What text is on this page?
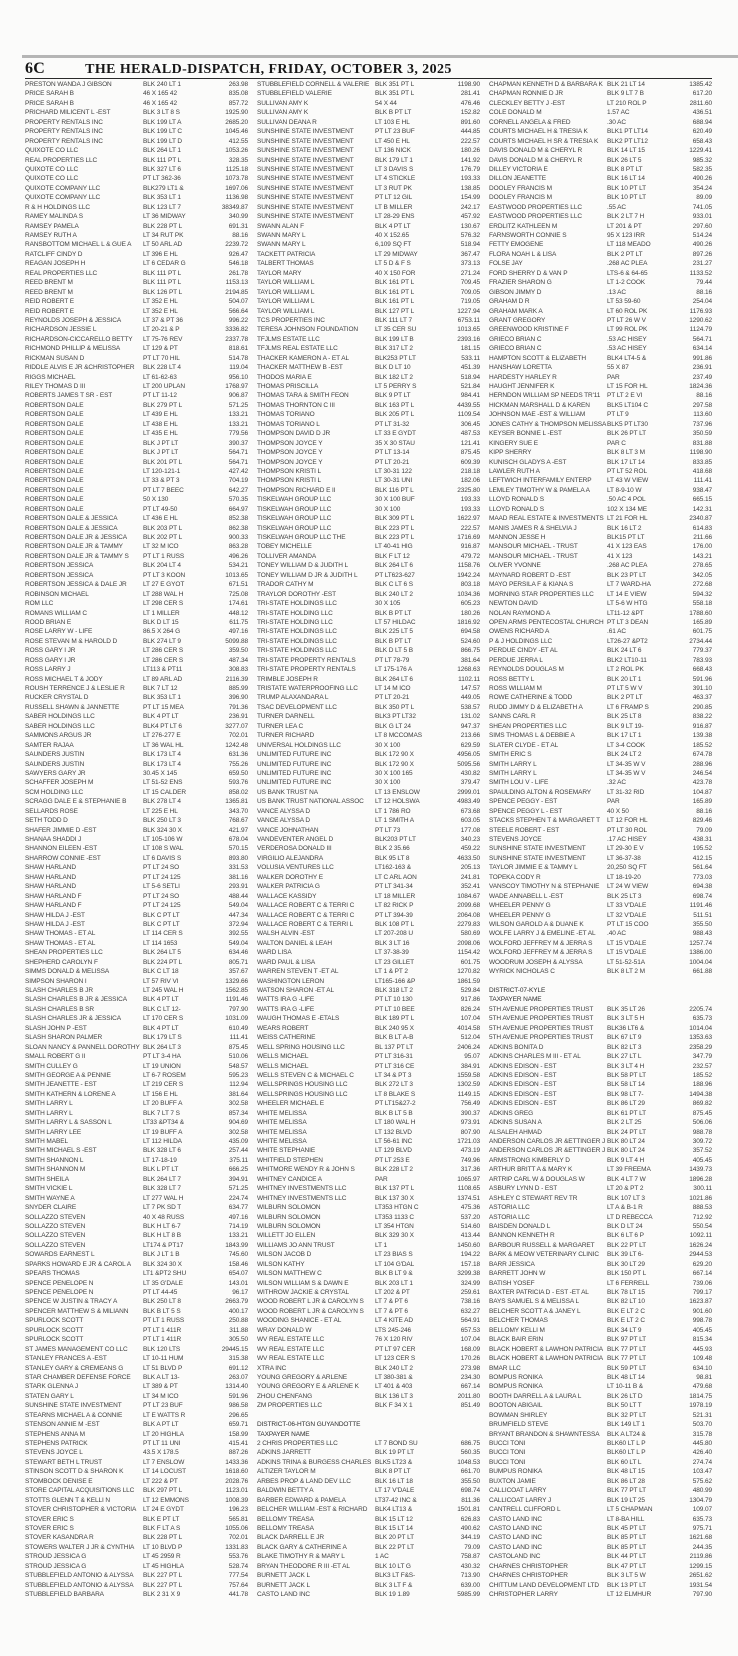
6C	THE HERALD-DISPATCH, FRIDAY, OCTOBER 3, 2025
PRESTON WANDA J GIBSON	BLK 240 LT 1	263.98
PRICE SARAH B	46 X 165 42	835.08
PRICE SARAH B	46 X 165 42	857.72
PRICHARD MILICENT L -EST	BLK 3 LT 8 S	1925.90
PROPERTY RENTALS INC	BLK 199 LT A	2685.20
PROPERTY RENTALS INC	BLK 199 LT C	1045.46
PROPERTY RENTALS INC	BLK 199 LT D	412.55
QUIXOTE CO LLC	BLK 264 LT 1	1053.26
REAL PROPERTIES LLC	BLK 111 PT L	328.35
QUIXOTE CO LLC	BLK 327 LT 6	1125.18
QUIXOTE CO LLC	PT LT 362-36	1073.78
QUIXOTE COMPANY LLC	BLK279 LT1 &	1697.06
QUIXOTE COMPANY LLC	BLK 353 LT 1	1136.98
R & H HOLDINGS LLC	BLK 123 LT 7	38349.87
RAMEY MALINDA S	LT 36 MIDWAY	340.99
RAMSEY PAMELA	BLK 228 PT L	691.31
RAMSEY RUTH A	LT 34 RUT PK	88.16
RANSBOTTOM MICHAEL L & GUE A	LT 50 ARL AD	2239.72
RATCLIFF CINDY D	LT 396 E HL	926.47
REAGAN JOSEPH H	LT 6 CEDAR G	546.18
REAL PROPERTIES LLC	BLK 111 PT L	261.78
REED BRENT M	BLK 111 PT L	1153.13
REED BRENT M	BLK 126 PT L	2194.85
REID ROBERT E	LT 352 E HL	504.07
REID ROBERT E	LT 352 E HL	566.64
REYNOLDS JOSEPH & JESSICA	LT 37 & PT 36	996.22
RICHARDSON JESSIE L	LT 20-21 & P	3336.82
RICHARDSON-CICCARELLO BETTY	LT 75-76 REV	2337.78
RICHMOND PHILLIP & MELISSA	LT 129 & PT	818.61
RICKMAN SUSAN D	PT LT 70 HIL	514.78
RIDDLE ALVIS E JR &CHRISTOPHER	BLK 228 LT 4	119.04
RIGGS MICHAEL	LT 61-62-63	956.10
RILEY THOMAS D III	LT 200 UPLAN	1768.97
ROBERTS JAMES T SR - EST	PT LT 11-12	906.87
ROBERTSON DALE	BLK 279 PT L	571.25
ROBERTSON DALE	LT 439 E HL	133.21
ROBERTSON DALE	LT 438 E HL	133.21
ROBERTSON DALE	LT 435 E HL	779.56
ROBERTSON DALE	BLK J PT LT	390.37
ROBERTSON DALE	BLK J PT LT	564.71
ROBERTSON DALE	BLK 201 PT L	564.71
ROBERTSON DALE	LT 120-121-1	427.42
ROBERTSON DALE	LT 33 & PT 3	704.19
ROBERTSON DALE	PT LT 7 BEEC	642.27
ROBERTSON DALE	50 X 130	570.35
ROBERTSON DALE	PT LT 49-50	664.97
ROBERTSON DALE & JESSICA	LT 436 E HL	852.38
ROBERTSON DALE & JESSICA	BLK 203 PT L	862.38
ROBERTSON DALE JR & JESSICA	BLK 202 PT L	900.33
ROBERTSON DALE JR & TAMMY	LT 32 M ICO	863.28
ROBERTSON DALE JR & TAMMY S	PT LT 1 RUSS	496.26
ROBERTSON JESSICA	BLK 204 LT 4	534.21
ROBERTSON JESSICA	PT LT 3 KOON	1013.65
ROBERTSON JESSICA & DALE JR	LT 27 E GYOT	671.51
ROBINSON MICHAEL	LT 288 WAL H	725.08
ROM LLC	LT 298 CER S	174.61
ROMANS WILLIAM C	LT 1 MILLER	448.12
ROOD BRIAN E	BLK D LT 15	611.75
ROSE LARRY W - LIFE	86.5 X 264 G	497.16
ROSE STEVAN M & HAROLD D	BLK 274 LT 9	5099.88
ROSS GARY I JR	LT 286 CER S	359.50
ROSS GARY I JR	LT 286 CER S	487.34
ROSS LARRY J	LT113 & PT11	308.83
ROSS MICHAEL T & JODY	LT 89 ARL AD	2116.39
ROUSH TERRENCE J & LESLIE R	BLK 7 LT 12	885.99
RUCKER CRYSTAL D	BLK 353 LT 1	396.90
RUSSELL SHAWN & JANNETTE	PT LT 15 MEA	791.36
SABER HOLDINGS LLC	BLK 4 PT LT	236.91
SABER HOLDINGS LLC	BLK4 PT LT 6	3277.07
SAMMONS ARGUS JR	LT 276-277 E	702.01
SAMTER RAJAA	LT 36 WAL HL	1242.48
SAUNDERS JUSTIN	BLK 173 LT 4	631.36
SAUNDERS JUSTIN	BLK 173 LT 4	755.26
SAWYERS GARY JR	30.45 X 145	659.50
SCHAFFER JOSEPH M	LT 51-52 ENS	593.76
SCM HOLDING LLC	LT 15 CALDER	858.02
SCRAGG DALE E & STEPHANIE B	BLK 278 LT 4	1365.81
SELLARDS ROSE	LT 225 E HL	343.70
SETH TODD D	BLK 250 LT 3	768.67
SHAFER JIMMIE D -EST	BLK 324 30 X	421.97
SHANAA SHADDI J	LT 105-106 W	678.04
SHANNON EILEEN -EST	LT 108 S WAL	570.15
SHARROW CONNIE -EST	LT 6 DAVIS S	893.80
SHAW HARLAND	PT LT 24 SO	331.53
SHAW HARLAND	PT LT 24 125	381.16
SHAW HARLAND	LT 5-6 SETLI	293.91
SHAW HARLAND F	PT LT 24 SO	488.44
SHAW HARLAND F	PT LT 24 125	549.04
SHAW HILDA J -EST	BLK C PT LT	447.34
SHAW HILDA J -EST	BLK C PT LT	372.94
SHAW THOMAS - ET AL	LT 114 CER S	392.55
SHAW THOMAS - ET AL	LT 114 1653	549.04
SHEAN PROPERTIES LLC	BLK 264 LT 5	634.46
SHEPHERD CAROLYN F	BLK 224 PT L	805.71
SIMMS DONALD & MELISSA	BLK C LT 18	357.67
SIMPSON SHARON I	LT 57 RIV VI	1329.66
SLASH CHARLES B JR	LT 245 WAL H	1562.85
SLASH CHARLES B JR & JESSICA	BLK 4 PT LT	1191.46
SLASH CHARLES B SR	BLK C LT 12-	797.90
SLASH CHARLES JR & JESSICA	LT 170 CER S	1031.09
SLASH JOHN P -EST	BLK 4 PT LT	610.49
SLASH SHARON PALMER	BLK 179 LT S	111.41
SLOAN NANCY & PANNELL DOROTHY BLK 264 LT 3	875.45
SMALL ROBERT G II	PT LT 3-4 HA	510.06
SMITH CULLEY G	LT 19 UNION	548.57
SMITH GEORGE A & PENNIE	LT 6-7 ROSEM	595.23
SMITH JEANETTE - EST	LT 219 CER S	112.94
SMITH KATHERN & LORENE A	LT 156 E HL	381.64
SMITH LARRY L	LT 20 BUFF A	302.58
SMITH LARRY L	BLK 7 LT 7 S	857.34
SMITH LARRY L & SASSON L	LT33 &PT34 &	904.69
SMITH LARRY LEE	LT 19 BUFF A	302.58
SMITH MABEL	LT 112 HILDA	435.09
SMITH MICHAEL S -EST	BLK 328 LT 6	257.44
SMITH SHANNON L	LT 17-18-19	375.11
SMITH SHANNON M	BLK L PT LT	666.25
SMITH SHEILA	BLK 264 LT 7	394.91
SMITH VICKIE L	BLK 328 LT 7	571.25
SMITH WAYNE A	LT 277 WAL H	224.74
SNYDER CLAIRE	LT 7 PK SD T	634.77
SOLLAZZO STEVEN	40 X 48 RUSS	497.16
SOLLAZZO STEVEN	BLK H LT 6-7	714.19
SOLLAZZO STEVEN	BLK H LT 8 B	133.21
SOLLAZZO STEVEN	LT174 & PT17	1843.99
SOWARDS EARNEST L	BLK J LT 1 B	745.60
SPARKS HOWARD E JR & CAROL A	BLK 324 30 X	158.46
SPEARS THOMAS	LT1 &PT2 SHU	654.07
SPENCE PENELOPE N	LT 35 G'DALE	143.01
SPENCE PENELOPE N	PT LT 44-45	96.17
SPENCE W JUSTIN & TRACY A	BLK 250 LT 8	2663.79
SPENCER MATTHEW S & MILIANN	BLK B LT 5 S	400.17
SPURLOCK SCOTT	PT LT 1 RUSS	250.88
SPURLOCK SCOTT	PT LT 1 411R	311.88
SPURLOCK SCOTT	PT LT 1 411R	305.50
ST JAMES MANAGEMENT CO LLC	BLK 120 LTS	29445.15
STANLEY FRANCES A -EST	LT 10-11 HUM	315.38
STANLEY GARY & CREMEANS G	LT 51 BLVD P	691.12
STAR CHAMBER DEFENSE FORCE	BLK A LT 13-	263.07
STARK GLENNA J	LT 389 & PT	1314.40
STATEN GARY L	LT 34 M ICO	591.96
SUNSHINE STATE INVESTMENT	PT LT 23 BUF	986.58
STEARNS MICHAEL A & CONNIE	LT E WATTS R	296.65
STENSON ANNIE M -EST	BLK A PT LT	659.71
STEPHENS ANNA M	LT 20 HIGHLA	158.99
STEPHENS PATRICK	PT LT 11 UNI	415.41
STEVENS JOYCE L	43.5 X 178.5	887.26
STEWART BETH L TRUST	LT 7 ENSLOW	1433.36
STINSON SCOTT D & SHARON K	LT 14 LOCUST	1618.60
STOMBOCK DENISE E	LT 222 & PT	2028.76
STORE CAPITAL ACQUISITIONS LLC	BLK 297 PT L	1123.01
STOTTS GLENN T & KELLI N	LT 12 EMMONS	1008.39
STOVER CHRISTOPHER & VICTORIA	LT 24 E GYDT	196.23
STOVER ERIC S	BLK E PT LT	565.81
STOVER ERIC S	BLK F LT A S	1055.06
STOVER KASANDRA R	BLK 228 PT L	702.01
STOWERS WALTER J JR & CYNTHIA	LT 10 BLVD P	1331.83
STROUD JESSICA G	LT 45 2959 R	553.76
STROUD JESSICA G	LT 45 HIGHLA	528.74
STUBBLEFIELD ANTONIO & ALYSSA	BLK 227 PT L	777.54
STUBBLEFIELD ANTONIO & ALYSSA	BLK 227 PT L	757.64
STUBBLEFIELD BARBARA	BLK 2 31 X 9	441.78
STUBBLEFIELD CORNELL & VALERIE BLK 351 PT L	1198.90
STUBBLEFIELD VALERIE	BLK 351 PT L	281.41
SULLIVAN AMY K	54 X 44	476.46
SULLIVAN AMY K	BLK B PT LT	152.82
SULLIVAN DEANA R	LT 103 E HL	891.60
SUNSHINE STATE INVESTMENT	PT LT 23 BUF	444.85
SUNSHINE STATE INVESTMENT	LT 450 E HL	222.57
SUNSHINE STATE INVESTMENT	LT 136 NICK	180.26
SUNSHINE STATE INVESTMENT	BLK 179 LT 1	141.92
SUNSHINE STATE INVESTMENT	LT 3 DAVIS S	176.79
SUNSHINE STATE INVESTMENT	LT 4 STICKLE	193.33
SUNSHINE STATE INVESTMENT	LT 3 RUT PK	138.85
SUNSHINE STATE INVESTMENT	PT LT 12 GIL	154.99
SUNSHINE STATE INVESTMENT	LT B MILLER	242.17
SUNSHINE STATE INVESTMENT	LT 28-29 ENS	457.92
SWANN ALAN F	BLK 4 PT LT	130.67
SWANN MARY L	40 X 152.65	576.32
SWANN MARY L	6,109 SQ FT	518.94
TACKETT PATRICIA	LT 29 MIDWAY	367.47
TALBERT THOMAS	LT 5 D & F S	373.13
TAYLOR MARY	40 X 150 FOR	271.24
TAYLOR WILLIAM L	BLK 161 PT L	709.45
TAYLOR WILLIAM L	BLK 161 PT L	709.05
TAYLOR WILLIAM L	BLK 161 PT L	719.05
TAYLOR WILLIAM L	BLK 127 PT L	1227.94
TCS PROPERTIES INC	BLK 111 LT 7	6753.11
TERESA JOHNSON FOUNDATION	LT 35 CER SU	1013.65
TFJLMS ESTATE LLC	BLK 199 LT B	2393.16
TFJLMS REAL ESTATE LLC	BLK 317 LT 2	181.15
THACKER KAMERON A - ET AL	BLK253 PT LT	533.11
THACKER MATTHEW B -EST	BLK D LT 10	451.39
THODOS MARIA E	BLK 182 LT 2	518.94
THOMAS PRISCILLA	LT 5 PERRY S	521.84
THOMAS TARA & SMITH FEON	BLK 9 PT LT	984.41
THOMAS THORNTON C III	BLK 163 PT L	4439.55
THOMAS TORIANO	BLK 205 PT L	1109.54
THOMAS TORIANO L	PT LT 31-32	306.45
THOMPSON DAVID D JR	LT 33 E GYDT	487.53
THOMPSON JOYCE Y	35 X 30 STAU	121.41
THOMPSON JOYCE Y	PT LT 13-14	875.45
THOMPSON JOYCE Y	PT LT 20-21	609.39
THOMPSON KRISTI L	LT 30-31 122	218.18
THOMPSON KRISTI L	LT 30-31 UNI	182.06
THOMPSON RICHARD E II	BLK 116 PT L	2325.80
TISKELWAH GROUP LLC	30 X 100 BUF	193.33
TISKELWAH GROUP LLC	30 X 100	193.33
TISKELWAH GROUP LLC	BLK 309 PT L	1622.97
TISKELWAH GROUP LLC	BLK 223 PT L	222.57
TISKELWAH GROUP LLC THE	BLK 223 PT L	1716.69
TOBEY MICHELLE	LT 40-41 HIG	916.87
TOLLIVER AMANDA	BLK F LT 12	479.72
TONEY WILLIAM D & JUDITH L	BLK 264 LT 6	1158.76
TONEY WILLIAM D JR & JUDITH L	PT LT623-627	1942.24
TRADOR CATHY M	BLK C LT 6 S	803.18
TRAYLOR DOROTHY -EST	BLK 240 LT 2	1034.36
TRI-STATE HOLDINGS LLC	30 X 105	605.23
TRI-STATE HOLDING LLC	BLK B PT LT	180.26
TRI-STATE HOLDING LLC	LT 57 HILDAC	1816.92
TRI-STATE HOLDINGS LLC	BLK 225 LT 5	694.58
TRI-STATE HOLDINGS LLC	BLK B PT LT	524.60
TRI-STATE HOLDINGS LLC	BLK D LT 5 B	866.75
TRI-STATE PROPERTY RENTALS	PT LT 78-79	381.64
TRI-STATE PROPERTY RENTALS	LT 175-176 A	1268.63
TRIMBLE JOSEPH R	BLK 264 LT 6	1102.11
TRISTATE WATERPROOFING LLC	LT 14 M ICO	147.57
TRUMP ALAXANDARA L	PT LT 20-21	449.05
TSAC DEVELOPMENT LLC	BLK 350 PT L	538.57
TURNER DARNELL	BLK3 PT LT32	131.02
TURNER LEA C	BLK G LT 24	947.37
TURNER RICHARD	LT 8 MCCOMAS	213.66
UNIVERSAL HOLDINGS LLC	30 X 100	629.59
UNLIMITED FUTURE INC	BLK 172 90 X	4956.05
UNLIMITED FUTURE INC	BLK 172 90 X	5095.56
UNLIMITED FUTURE INC	30 X 100 165	430.82
UNLIMITED FUTURE INC	30 X 100	379.47
US BANK TRUST NA	LT 13 ENSLOW	2999.01
US BANK TRUST NATIONAL ASSOC	LT 12 HOLSWA	4983.49
VANCE ALYSSA D	LT 1 786 RO	673.68
VANCE ALYSSA D	LT 1 SMITH A	603.05
VANCE JOHNATHAN	PT LT 73	177.08
VANDEVENTER ANGEL D	BLK203 PT LT	340.23
VERDEROSA DONALD III	BLK 2 35.66	459.22
VIRGILIO ALEJANDRA	BLK 95 LT 8	4633.50
VOLUSIA VENTURES LLC	LT162-163 &	205.13
WALKER DOROTHY E	LT C ARL AON	241.81
WALKER PATRICIA G	PT LT 341-34	352.41
WALLACE KASSIDY	LT 18 MILLER	1084.67
WALLACE ROBERT C & TERRI C	LT 82 RICK P	2099.68
WALLACE ROBERT C & TERRI C	PT LT 394-39	2064.08
WALLACE ROBERT C & TERRI L	BLK 108 PT L	2279.83
WALSH ALVIN -EST	LT 207-208 U	580.69
WALTON DANIEL & LEAH	BLK 3 LT 16	2098.06
WARD LISA	LT 37-38-39	1154.42
WARD PAUL & LISA	LT 23 GILLET	601.75
WARREN STEVEN T -ET AL	LT 1 & PT 2	1270.82
WASHINGTON LERON	LT165-166 &P	1861.59
WATSON SHARON -ET AL	BLK 318 LT 2	529.84
WATTS IRA G -LIFE	PT LT 10 130	917.86
WATTS IRA G -LIFE	PT LT 10 BEE	826.24
WAUGH THOMAS E -ETALS	BLK 189 PT L	107.04
WEARS ROBERT	BLK 240 95 X	4014.58
WEISS CATHERINE	BLK B LT A-B	512.04
WELL SPRING HOUSING LLC	BL 137 PT LT	2406.24
WELLS MICHAEL	PT LT 316-31	95.07
WELLS MICHAEL	PT LT 316 CE	384.91
WELLS STEVEN C & MICHAEL C	LT 34 & PT 3	1559.58
WELLSPRINGS HOUSING LLC	BLK 272 LT 3	1302.59
WELLSPRINGS HOUSING LLC	LT 8 BLAKE S	1149.15
WHEELER MICHAEL E	PT LT15&27-2	756.49
WHITE MELISSA	BLK B LT 5 B	390.37
WHITE MELISSA	LT 180 WAL H	973.91
WHITE MELISSA	LT 132 BLVD	807.90
WHITE MELISSA	LT 56-61 INC	1721.03
WHITE STEPHANIE	LT 129 BLVD	473.19
WHITFIELD STEPHEN	PT LT 253 E	749.96
WHITMORE WENDY R & JOHN S	BLK 228 LT 2	317.36
WHITNEY CANDICE A	PAR	1065.97
WHITNEY INVESTMENTS LLC	BLK 137 PT L	1108.65
WHITNEY INVESTMENTS LLC	BLK 137 30 X	1374.51
WILBURN SOLOMON	LT353 HTGN C	475.36
WILBURN SOLOMON	LT353 1133 C	537.20
WILBURN SOLOMON	LT 354 HTGN	514.60
WILLETT JO ELLEN	BLK 329 30 X	413.44
WILLIAMS JO ANN TRUST	LT 1	1450.60
WILSON JACOB D	LT 23 BIAS S	194.22
WILSON KATHY	LT 104 G'DAL	157.18
WILSON MATTHEW C	BLK B LT 9 &	3299.38
WILSON WILLIAM S & DAWN E	BLK 203 LT 1	324.99
WITHROW JACKIE & CRYSTAL	LT 202 & PT	259.61
WOOD ROBERT L JR & CAROLYN S	LT 7 & PT 6	738.16
WOOD ROBERT L JR & CAROLYN S	LT 7 & PT 6	632.27
WOODING SHANICE - ET AL	LT 4 KITE AD	564.91
WRAY DONALD W	LTS 245-246	657.53
WV REAL ESTATE LLC	76 X 120 RIV	107.04
WV REAL ESTATE LLC	PT LT 97 CER	168.09
WV REAL ESTATE LLC	LT 123 CER S	170.26
XTRA INC	BLK 240 LT 2	273.98
YOUNG GREGORY & ARLENE	LT 380-381 &	234.30
YOUNG GREGORY E & ARLENE K	LT 401 & 403	667.14
ZHOU CHENFANG	BLK 136 LT 3	2011.80
ZM PROPERTIES LLC	BLK F 34 X 1	851.49
DISTRICT-06-HTGN GUYANDOTTE
TAXPAYER NAME
2 CHRIS PROPERTIES LLC	LT 7 BOND SU	686.75
ADKINS JARRETT	BLK 19 PT LT	560.35
ADKINS TRINA & BURGESS CHARLES BLK5 LT23 &	1048.53
ALTIZER TAYLOR M	BLK 8 PT LT	661.70
ARBES PROP & LAND DEV LLC	BLK 16 LT 18	355.50
BALDWIN BETTY A	LT 17 V'DALE	698.74
BARBER EDWARD & PAMELA	LT37-42 INC &	811.36
BELCHER WILLIAM -EST & RICHARD	BLK4 LT13 &	1501.81
BELLOMY TREASA	BLK 15 LT 12	626.83
BELLOMY TREASA	BLK 15 LT 14	490.62
BLACK DARRELL E JR	BLK 20 PT LT	344.19
BLACK GARY & CATHERINE A	BLK 22 PT LT	79.09
BLAKE TIMOTHY R & MARY L	1 AC	758.87
BRYAN THEODORE R III -ET AL	BLK 10 LT G	430.32
BURNETT JACK L	BLK3 LT F&S-	713.90
BURNETT JACK L	BLK 3 LT F &	639.00
CASTO LAND INC	BLK 19 1.89	5985.99
CHAPMAN KENNETH D & BARBARA K BLK 21 LT 14	1385.42
CHAPMAN RONNIE D JR	BLK 9 LT 7 B	617.20
CLECKLEY BETTY J -EST	LT 210 ROL P	2811.60
COLE DONALD M	1.57 AC	436.51
CORNELL ANGELA & FRED	.30 AC	688.94
COURTS MICHAEL H & TRESIA K	BLK1 PT LT14	620.49
COURTS MICHAEL H SR & TRESIA K	BLK2 PT LT12	658.43
DAVIS DONALD M & CHERYL R	BLK 14 LT 15	1229.41
DAVIS DONALD M & CHERYL R	BLK 26 LT 5	985.32
DILLEY VICTORIA E	BLK 8 PT LT	582.35
DILLON JEANETTE	BLK 16 LT 14	490.26
DOOLEY FRANCIS M	BLK 10 PT LT	354.24
DOOLEY FRANCIS M	BLK 10 PT LT	89.09
EASTWOOD PROPERTIES LLC	.55 AC	741.05
EASTWOOD PROPERTIES LLC	BLK 2 LT 7 H	933.01
ERDLITZ KATHLEEN M	LT 201 & PT	297.60
FARNSWORTH CONNIE S	95 X 123 IRR	514.24
FETTY EMOGENE	LT 118 MEADO	490.26
FLORA NOAH L & LISA	BLK 2 PT LT	897.26
FOLSE JAY	.268 AC PLEA	231.27
FORD SHERRY D & VAN P	LTS-6 & 64-65	1133.52
FRAZIER SHARON G	LT 1-2 COOK	79.44
GIBSON JIMMY D	.13 AC	88.16
GRAHAM D R	LT 53 59-60	254.04
GRAHAM MARK A	LT 60 ROL PK	1176.93
GRANT GREGORY	PT LT 26 W V	1290.62
GREENWOOD KRISTINE F	LT 99 ROL PK	1124.79
GRIECO BRIAN C	.53 AC HISEY	564.71
GRIECO BRIAN C	.53 AC HISEY	634.14
HAMPTON SCOTT & ELIZABETH	BLK4 LT4-5 &	991.86
HANSHAW LORETTA	55 X 87	236.91
HARDESTY HARLEY R	PAR	237.49
HAUGHT JENNIFER K	LT 15 FOR HL	1824.36
HERNDON WILLIAM SP NEEDS TR'11	PT LT 2 E VI	88.16
HICKMAN MARSHALL D & KAREN	BLK5 LT104 C	297.58
JOHNSON MAE -EST & WILLIAM	PT LT 9	113.60
JONES CATHY & THOMPSON MELISSA BLK5 PT LT30	737.96
KEYSER BONNIE L -EST	BLK 26 PT LT	350.59
KINGERY SUE E	PAR C	831.88
KIPP SHERRY	BLK 8 LT 3 M	1198.90
KUNISCH GLADYS A -EST	BLK 17 LT 14	833.85
LAWLER RUTH A	PT LT 52 ROL	418.68
LEFTWICH INTERFAMILY ENTERP	LT 43 W VIEW	111.41
LEMLEY TIMOTHY W & PAMELA A	LT 8-9-10 W	938.47
LLOYD RONALD S	.50 AC 4 POL	665.15
LLOYD RONALD S	102 X 134 ME	142.31
MAAD REAL ESTATE & INVESTMENTS LT 21 FOR HL	2340.87
MANIS JAMES R & SHELVIA J	BLK 16 LT 2	614.83
MANNON JESSE H	BLK15 PT LT	211.66
MANSOUR MICHAEL - TRUST	41 X 123 EAS	176.00
MANSOUR MICHAEL - TRUST	41 X 123	143.21
OLIVER YVONNE	.268 AC PLEA	278.65
MAYNARD ROBERT D -EST	BLK 23 PT LT	342.05
MAYO PERSILA F & KIANA S	LT 7 WARD-HA	272.68
MORNING STAR PROPERTIES LLC	LT 14 E VIEW	594.32
NEWTON DAVID	LT 5-6 W HTG	558.18
NOLAN RAYMOND A	LT11-12 &PT	1788.60
OPEN ARMS PENTECOSTAL CHURCH PT LT 3 DEAN	165.89
OWENS RICHARD A	.61 AC	601.75
P & J HOLDINGS LLC	LT26-27 &PT2	2734.44
PERDUE CINDY -ET AL	BLK 24 LT 6	779.37
PERDUE JERRA L	BLK2 LT10-11	783.93
REYNOLDS DOUGLAS M	LT 2 ROL PK	668.43
ROSS BETTY L	BLK 20 LT 1	591.96
ROSS WILLIAM M	PT LT 5 W V	391.10
ROWE CATHERINE & TODD	BLK 2 PT LT	463.37
RUDD JIMMY D & ELIZABETH A	LT 6 FRAMP S	290.85
SANNS CARL R	BLK 25 LT 8	838.22
SHEAN PROPERTIES LLC	BLK 9 LT 19-	916.87
SIMS THOMAS L & DEBBIE A	BLK 17 LT 1	139.38
SLATER CLYDE - ET AL	LT 3-4 COOK	185.52
SMITH ERIC S	BLK 24 LT 2	674.78
SMITH LARRY L	LT 34-35 W V	288.96
SMITH LARRY L	LT 34-35 W V	246.54
SMITH LOU V - LIFE	.32 AC	423.78
SPAULDING ALTON & ROSEMARY	LT 31-32 RID	104.87
SPENCE PEGGY - EST	PAR	165.89
SPENCE PEGGY L - EST	40 X 50	88.16
STACKS STEPHEN T & MARGARET T	LT 12 FOR HL	829.46
STEELE ROBERT - EST	PT LT 30 ROL	79.09
STEVENS JOYCE	.17 AC HISEY	438.31
SUNSHINE STATE INVESTMENT	LT 29-30 E V	195.52
SUNSHINE STATE INVESTMENT	LT 36-37-38	412.15
TAYLOR JIMMIE E & TAMMY L	20,250 SQ FT	561.64
TOPEKA CODY R	LT 18-19-20	773.03
VANSCOY TIMOTHY N & STEPHANIE	LT 24 W VIEW	694.38
WADE ANNABELL L -EST	BLK 25 LT 3	698.74
WHEELER PENNY G	LT 33 V'DALE	1191.46
WHEELER PENNY G	LT 32 V'DALE	511.51
WILSON GAROLD A & DUANE K	PT LT 15 COO	355.50
WOLFE LARRY J & EMELINE -ET AL	.40 AC	988.43
WOLFORD JEFFREY M & JERRA S	LT 15 V'DALE	1257.74
WOLFORD JEFFREY M & JERRA S	LT 15 V'DALE	1386.00
WOODRUM JOSEPH & ALYSSA	LT 51-52-51A	1004.04
WYRICK NICHOLAS C	BLK 8 LT 2 M	661.88
DISTRICT-07-KYLE
TAXPAYER NAME
5TH AVENUE PROPERTIES TRUST	BLK 35 LT 26	2205.74
5TH AVENUE PROPERTIES TRUST	BLK 3 LT 5 H	635.73
5TH AVENUE PROPERTIES TRUST	BLK36 LT6 &	1014.04
5TH AVENUE PROPERTIES TRUST	BLK 67 LT 9	1353.63
ADKINS BONITA D	BLK 82 LT 3	2358.29
ADKINS CHARLES M III - ET AL	BLK 27 LT L	347.79
ADKINS EDISON - EST	BLK 3 LT 4 H	232.57
ADKINS EDISON - EST	BLK 58 PT LT	185.52
ADKINS EDISON - EST	BLK 58 LT 14	188.96
ADKINS EDISON - EST	BLK 98 LT 7-	1494.38
ADKINS EDISON - EST	BLK 86 LT 29	869.82
ADKINS GREG	BLK 61 PT LT	875.45
ADKINS SUSAN A	BLK 2 LT 25	506.06
ALSALEH AHMAD	BLK 24 PT LT	988.78
ANDERSON CARLOS JR &ETTINGER J BLK 80 LT 24	309.72
ANDERSON CARLOS JR &ETTINGER J BLK 80 LT 24	357.52
ARMSTRONG KIMBERLY D	BLK 9 LT 4 H	405.45
ARTHUR BRITT A & MARY K	LT 39 FREEMA	1439.73
ARTRIP CARL W & DOUGLAS W	BLK 4 LT 7 W	1896.28
ASBURY LYNN D - EST	LT 20 & PT 2	300.11
ASHLEY C STEWART REV TR	BLK 107 LT 3	1021.86
ASTORIA LLC	LT A & B-1 R	888.53
ASTORIA LLC	LT D REBECCA	712.92
BAISDEN DONALD L	BLK D LT 24	550.54
BANNON KENNETH R	BLK 6 LT 6 P	1092.11
BARBOUR RUSSELL & MARGARET	BLK 22 PT LT	1626.24
BARK & MEOW VETERINARY CLINIC	BLK 39 LT 6-	2944.53
BARR JESSICA	BLK 30 LT 29	629.20
BARRETT JOHN W	BLK 150 PT L	667.14
BATISH YOSEF	LT 6 FERRELL	739.06
BAXTER PATRICIA D - EST -ET AL	BLK 78 LT 15	799.17
BAYS SAMUEL S & MELISSA L	BLK 82 LT 10	1623.87
BELCHER SCOTT A & JANEY L	BLK E LT 2 C	901.60
BELCHER THOMAS	BLK E LT 2 C	998.78
BELLOMY KELLI M	BLK 34 LT 9	405.45
BLACK BAIR ERIN	BLK 97 PT LT	815.34
BLACK HOBERT & LAWHON PATRICIA BLK 77 PT LT	445.93
BLACK HOBERT & LAWHON PATRICIA BLK 77 PT LT	109.48
BMAR LLC	BLK 59 PT LT	634.10
BOMPUS RONIKA	BLK 48 LT 14	98.81
BOMPUS RONIKA	LT 10-11 B &	479.68
BOOTH DARRELL A & LAURA L	BLK 26 LT D	1814.75
BOOTON ABIGAIL	BLK 50 LT T	1978.19
BOWMAN SHIRLEY	BLK 32 PT LT	521.31
BRUMFIELD STEVE	BLK 149 LT 1	503.70
BRYANT BRANDON & SHAWNTESSA	BLK A LT24 &	315.78
BUCCI TONI	BLK60 LT L P	445.80
BUCCI TONI	BLK60 LT L P	426.40
BUCCI TONI	BLK 60 LT L	274.74
BUMPUS RONIKA	BLK 48 LT 15	103.47
BUXTON JAMIE	BLK 86 LT 28	575.62
CALLICOAT LARRY	BLK 77 PT LT	480.99
CALLICOAT LARRY J	BLK 19 LT 25	1304.79
CANTRELL CLIFFORD L	LT 5 CHAPMAN	109.07
CASTO LAND INC	LT 8-BA HILL	635.73
CASTO LAND INC	BLK 45 PT LT	975.71
CASTO LAND INC	BLK 85 PT LT	1621.68
CASTO LAND INC	BLK 85 PT LT	244.35
CASTOLAND INC	BLK 44 PT LT	2119.86
CHARNES CHRISTOPHER	BLK 47 PT LT	1299.15
CHARNES CHRISTOPHER	BLK 3 LT 5 W	2651.62
CHITTUM LAND DEVELOPMENT LTD	BLK 13 PT LT	1931.54
CHRISTOPHER LARRY	LT 12 ELMHUR	797.90
